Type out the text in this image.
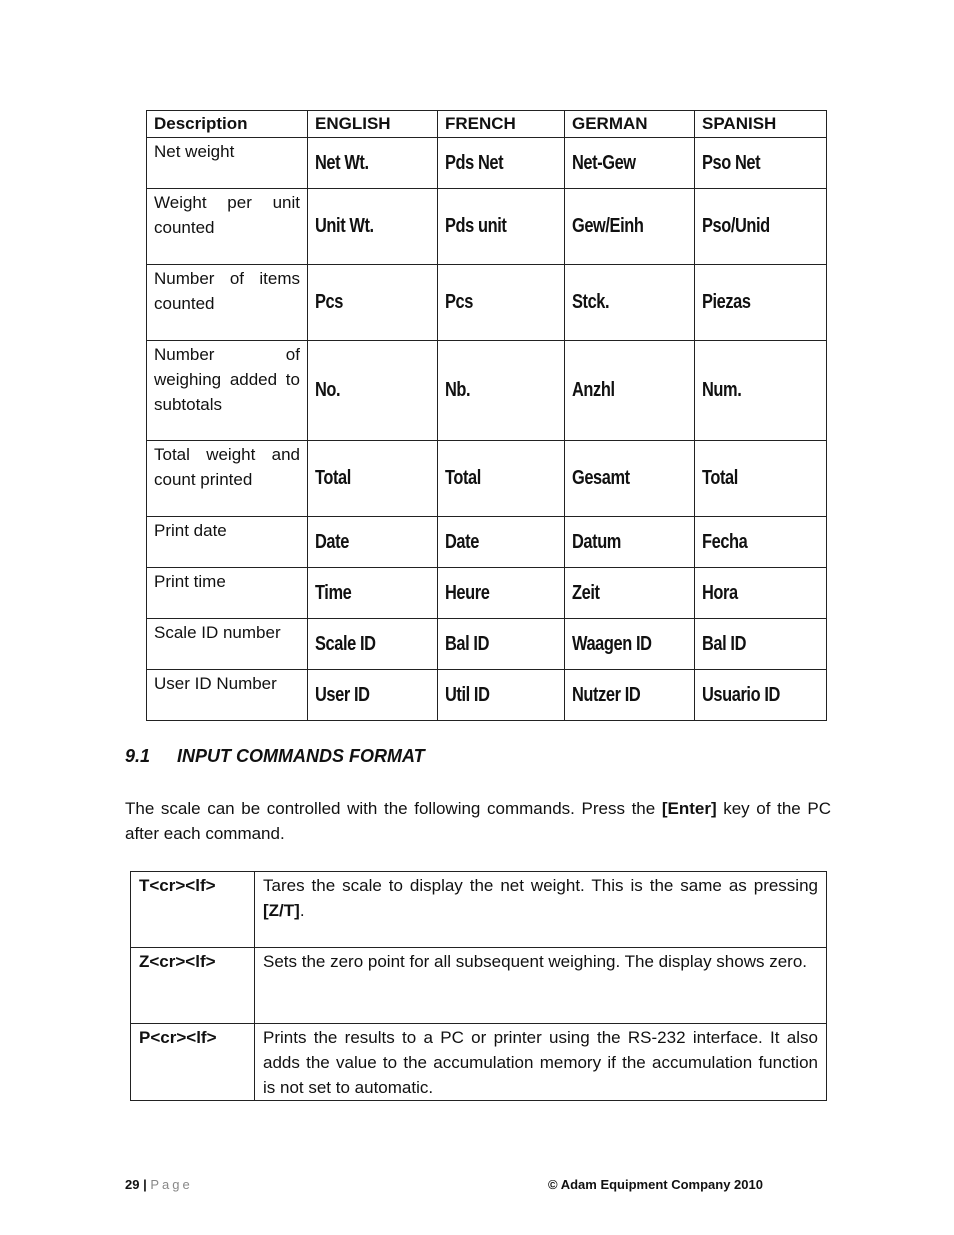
Description	ENGLISH	FRENCH	GERMAN	SPANISH
Net weight	Net Wt.	Pds Net	Net-Gew	Pso Net
Weight per unit counted	Unit Wt.	Pds unit	Gew/Einh	Pso/Unid
Number of items counted	Pcs	Pcs	Stck.	Piezas
Number of weighing added to subtotals	No.	Nb.	Anzhl	Num.
Total weight and count printed	Total	Total	Gesamt	Total
Print date	Date	Date	Datum	Fecha
Print time	Time	Heure	Zeit	Hora
Scale ID number	Scale ID	Bal ID	Waagen ID	Bal ID
User ID Number	User ID	Util ID	Nutzer ID	Usuario ID
9.1 INPUT COMMANDS FORMAT

The scale can be controlled with the following commands. Press the [Enter] key of the PC after each command.

T<cr><lf>	Tares the scale to display the net weight. This is the same as pressing [Z/T].
Z<cr><lf>	Sets the zero point for all subsequent weighing. The display shows zero.
P<cr><lf>	Prints the results to a PC or printer using the RS-232 interface. It also adds the value to the accumulation memory if the accumulation function is not set to automatic.
29 | Page	© Adam Equipment Company 2010
